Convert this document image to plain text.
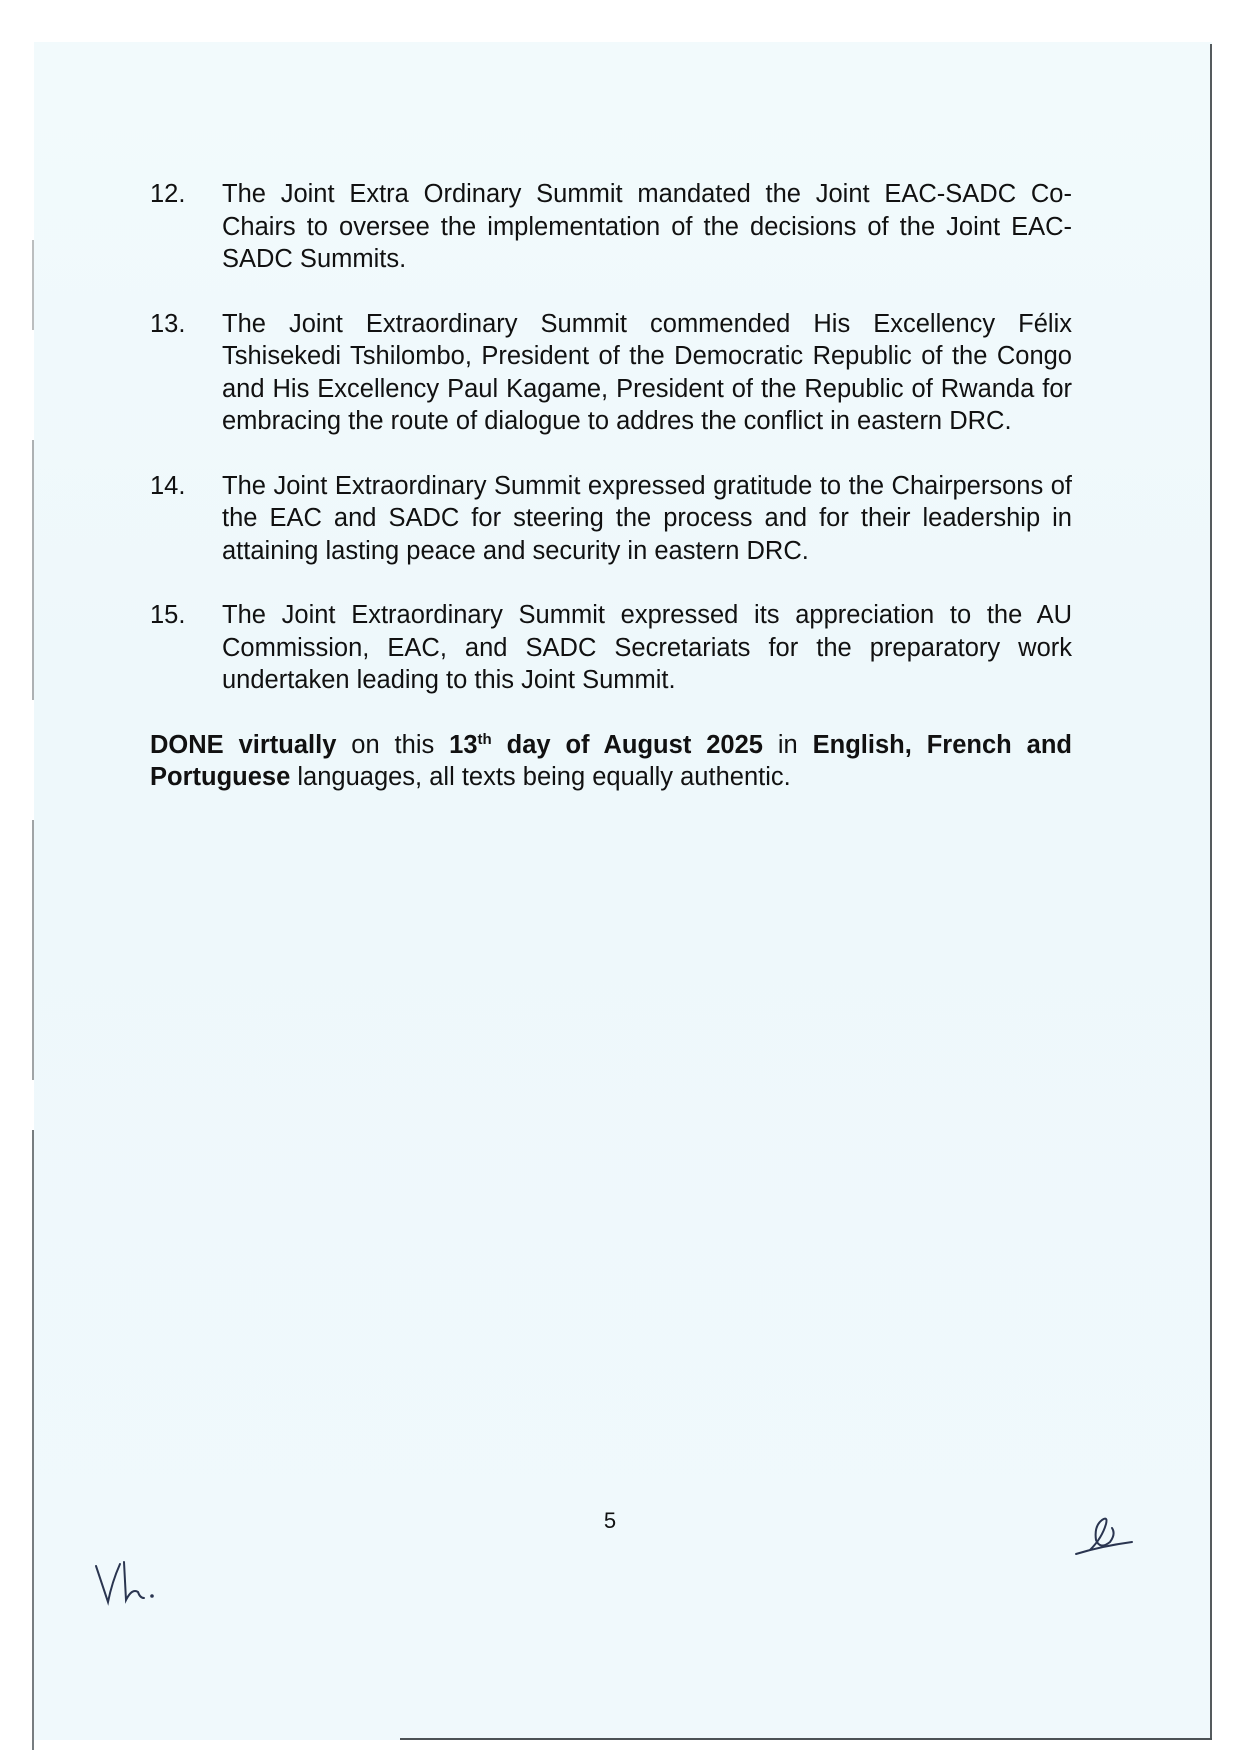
12. The Joint Extra Ordinary Summit mandated the Joint EAC-SADC Co-Chairs to oversee the implementation of the decisions of the Joint EAC-SADC Summits.

13. The Joint Extraordinary Summit commended His Excellency Félix Tshisekedi Tshilombo, President of the Democratic Republic of the Congo and His Excellency Paul Kagame, President of the Republic of Rwanda for embracing the route of dialogue to addres the conflict in eastern DRC.

14. The Joint Extraordinary Summit expressed gratitude to the Chairpersons of the EAC and SADC for steering the process and for their leadership in attaining lasting peace and security in eastern DRC.

15. The Joint Extraordinary Summit expressed its appreciation to the AU Commission, EAC, and SADC Secretariats for the preparatory work undertaken leading to this Joint Summit.

DONE virtually on this 13th day of August 2025 in English, French and Portuguese languages, all texts being equally authentic.

5
